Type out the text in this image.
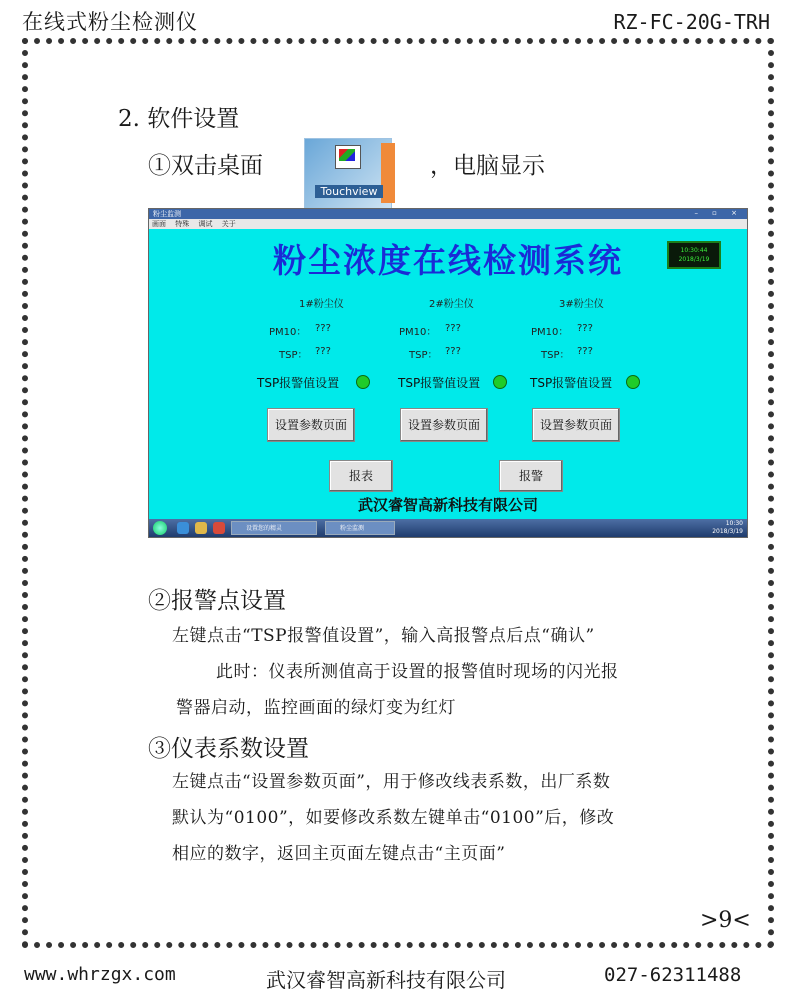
在线式粉尘检测仪	RZ-FC-20G-TRH
2. 软件设置
①双击桌面
Touchview
，电脑显示
粉尘监测	– ▫ ×
画面 特殊 调试 关于
粉尘浓度在线检测系统	10:30:44
2018/3/19
1#粉尘仪
PM10： ???
TSP： ???
TSP报警值设置
设置参数页面
2#粉尘仪
PM10： ???
TSP： ???
TSP报警值设置
设置参数页面
3#粉尘仪
PM10： ???
TSP： ???
TSP报警值设置
设置参数页面
报表	报警
武汉睿智高新科技有限公司
设置您的精灵	粉尘监测
10:30
2018/3/19
②报警点设置
左键点击“TSP报警值设置”，输入高报警点后点“确认”
此时：仪表所测值高于设置的报警值时现场的闪光报
警器启动，监控画面的绿灯变为红灯
③仪表系数设置
左键点击“设置参数页面”，用于修改线表系数，出厂系数
默认为“0100”，如要修改系数左键单击“0100”后，修改
相应的数字，返回主页面左键点击“主页面”
>9<
www.whrzgx.com	武汉睿智高新科技有限公司	027-62311488
